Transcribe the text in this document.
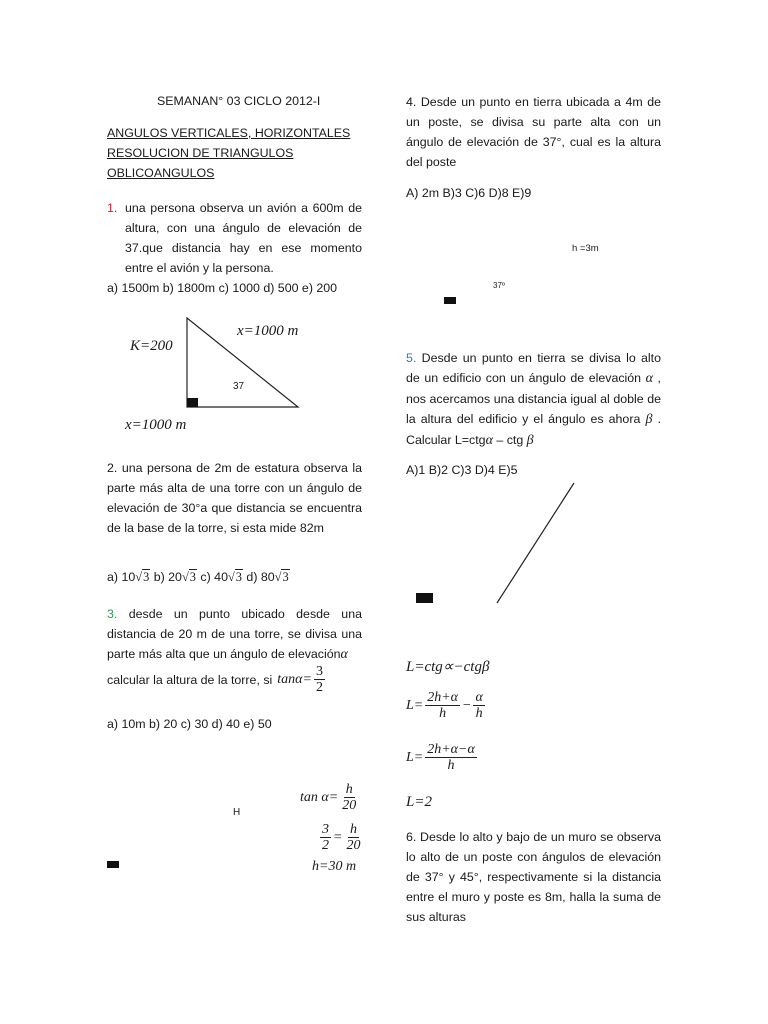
SEMANAN° 03 CICLO 2012-I
ANGULOS VERTICALES, HORIZONTALES
RESOLUCION DE TRIANGULOS
OBLICOANGULOS
1. una persona observa un avión a 600m de altura, con una ángulo de elevación de 37.que distancia hay en ese momento entre el avión y la persona.
a) 1500m b) 1800m c) 1000 d) 500 e) 200
K=200
x=1000 m
37
x=1000 m
2. una persona de 2m de estatura observa la parte más alta de una torre con un ángulo de elevación de 30°a que distancia se encuentra de la base de la torre, si esta mide 82m
a) 10√3 b) 20√3 c) 40√3 d) 80√3
3. desde un punto ubicado desde una distancia de 20 m de una torre, se divisa una parte más alta que un ángulo de elevaciónα
calcular la altura de la torre, si $\tan\alpha= \frac{3}{2}$
a) 10m b) 20 c) 30 d) 40 e) 50
$\tan \alpha= \frac{h}{20}$
H
$\frac{3}{2} = \frac{h}{20}$
h=30 m
4. Desde un punto en tierra ubicada a 4m de un poste, se divisa su parte alta con un ángulo de elevación de 37°, cual es la altura del poste
A) 2m B)3 C)6 D)8 E)9
h =3m
37º
5. Desde un punto en tierra se divisa lo alto de un edificio con un ángulo de elevación α , nos acercamos una distancia igual al doble de la altura del edificio y el ángulo es ahora β . Calcular L=ctgα – ctg β
A)1 B)2 C)3 D)4 E)5
L=ctg∝−ctgβ
$L= \frac{2h+\alpha}{h} - \frac{\alpha}{h}$
$L= \frac{2h+\alpha-\alpha}{h}$
L=2
6. Desde lo alto y bajo de un muro se observa lo alto de un poste con ángulos de elevación de 37° y 45°, respectivamente si la distancia entre el muro y poste es 8m, halla la suma de sus alturas
